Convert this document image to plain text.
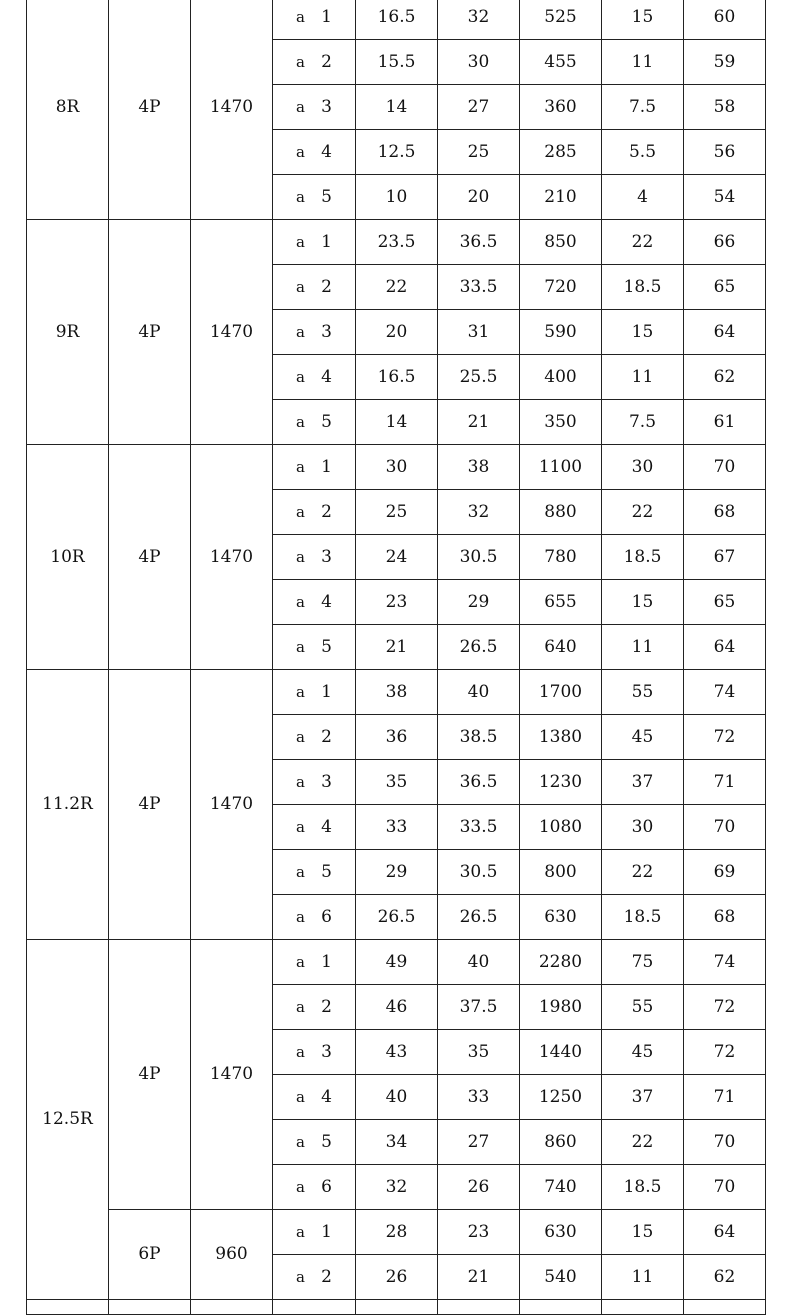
8R	4P	1470	a 1	16.5	32	525	15	60
			a 2	15.5	30	455	11	59
			a 3	14	27	360	7.5	58
			a 4	12.5	25	285	5.5	56
			a 5	10	20	210	4	54
9R	4P	1470	a 1	23.5	36.5	850	22	66
			a 2	22	33.5	720	18.5	65
			a 3	20	31	590	15	64
			a 4	16.5	25.5	400	11	62
			a 5	14	21	350	7.5	61
10R	4P	1470	a 1	30	38	1100	30	70
			a 2	25	32	880	22	68
			a 3	24	30.5	780	18.5	67
			a 4	23	29	655	15	65
			a 5	21	26.5	640	11	64
11.2R	4P	1470	a 1	38	40	1700	55	74
			a 2	36	38.5	1380	45	72
			a 3	35	36.5	1230	37	71
			a 4	33	33.5	1080	30	70
			a 5	29	30.5	800	22	69
			a 6	26.5	26.5	630	18.5	68
12.5R	4P	1470	a 1	49	40	2280	75	74
			a 2	46	37.5	1980	55	72
			a 3	43	35	1440	45	72
			a 4	40	33	1250	37	71
			a 5	34	27	860	22	70
			a 6	32	26	740	18.5	70
	6P	960	a 1	28	23	630	15	64
			a 2	26	21	540	11	62
